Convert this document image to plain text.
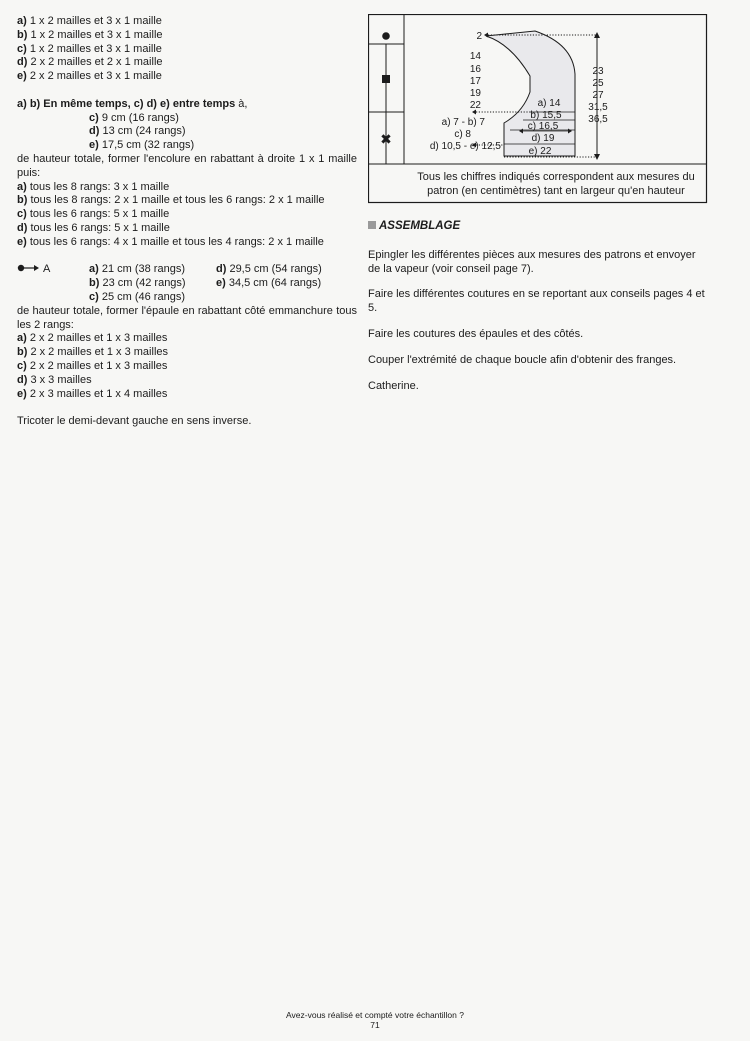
a) 1 x 2 mailles et 3 x 1 maille
b) 1 x 2 mailles et 3 x 1 maille
c) 1 x 2 mailles et 3 x 1 maille
d) 2 x 2 mailles et 2 x 1 maille
e) 2 x 2 mailles et 3 x 1 maille
a) b) En même temps, c) d) e) entre temps à,
c) 9 cm (16 rangs)
d) 13 cm (24 rangs)
e) 17,5 cm (32 rangs)
de hauteur totale, former l'encolure en rabattant à droite 1 x 1 maille puis:
a) tous les 8 rangs: 3 x 1 maille
b) tous les 8 rangs: 2 x 1 maille et tous les 6 rangs: 2 x 1 maille
c) tous les 6 rangs: 5 x 1 maille
d) tous les 6 rangs: 5 x 1 maille
e) tous les 6 rangs: 4 x 1 maille et tous les 4 rangs: 2 x 1 maille
A	a) 21 cm (38 rangs)	d) 29,5 cm (54 rangs)
b) 23 cm (42 rangs)	e) 34,5 cm (64 rangs)
c) 25 cm (46 rangs)
de hauteur totale, former l'épaule en rabattant côté emmanchure tous les 2 rangs:
a) 2 x 2 mailles et 1 x 3 mailles
b) 2 x 2 mailles et 1 x 3 mailles
c) 2 x 2 mailles et 1 x 3 mailles
d) 3 x 3 mailles
e) 2 x 3 mailles et 1 x 4 mailles
Tricoter le demi-devant gauche en sens inverse.
✖
2
14
16
17
19
22
23
25
27
31,5
36,5
a) 14
b) 15,5
c) 16,5
d) 19
e) 22
a) 7 - b) 7
c) 8
d) 10,5 - e) 12,5
Tous les chiffres indiqués correspondent aux mesures du
patron (en centimètres) tant en largeur qu'en hauteur
ASSEMBLAGE
Epingler les différentes pièces aux mesures des patrons et envoyer de la vapeur (voir conseil page 7).
Faire les différentes coutures en se reportant aux conseils pages 4 et 5.
Faire les coutures des épaules et des côtés.
Couper l'extrémité de chaque boucle afin d'obtenir des franges.
Catherine.
Avez-vous réalisé et compté votre échantillon ?
71
